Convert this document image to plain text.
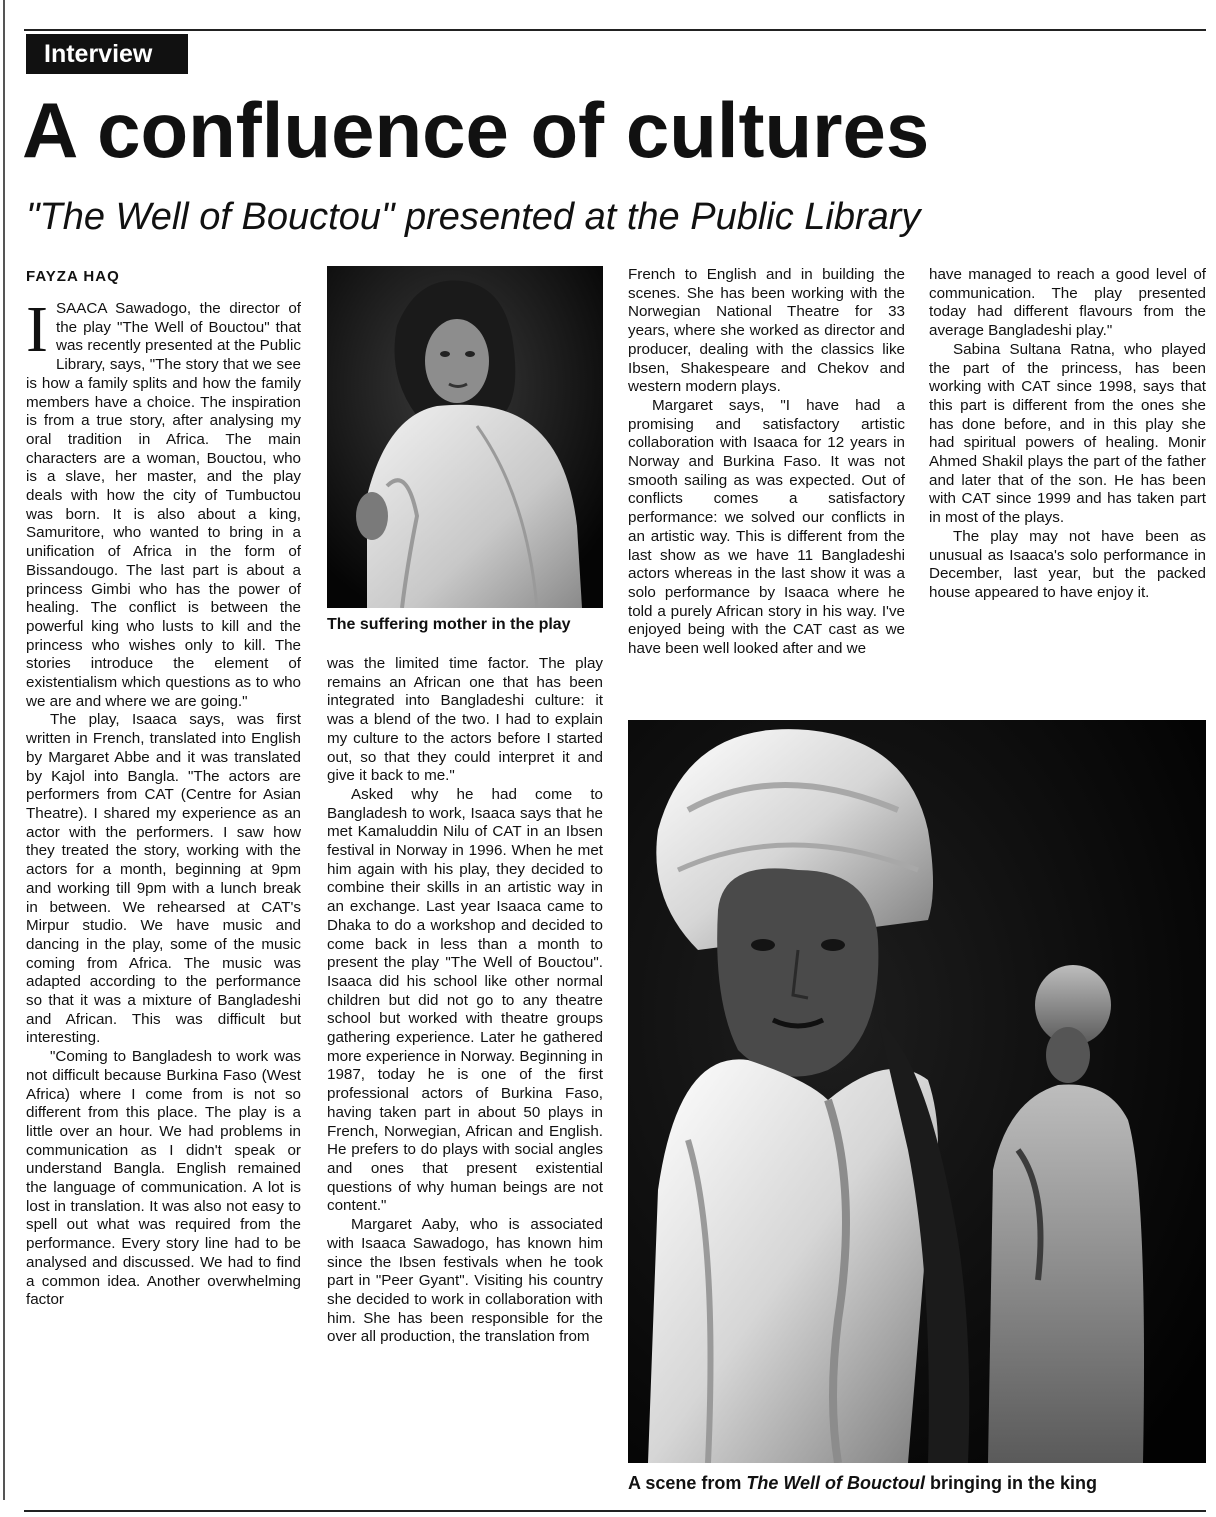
Interview
A confluence of cultures
"The Well of Bouctou" presented at the Public Library
FAYZA HAQ

ISAACA Sawadogo, the director of the play "The Well of Bouctou" that was recently presented at the Public Library, says, "The story that we see is how a family splits and how the family members have a choice. The inspiration is from a true story, after analysing my oral tradition in Africa. The main characters are a woman, Bouctou, who is a slave, her master, and the play deals with how the city of Tumbuctou was born. It is also about a king, Samuritore, who wanted to bring in a unification of Africa in the form of Bissandougo. The last part is about a princess Gimbi who has the power of healing. The conflict is between the powerful king who lusts to kill and the princess who wishes only to kill. The stories introduce the element of existentialism which questions as to who we are and where we are going."

The play, Isaaca says, was first written in French, translated into English by Margaret Abbe and it was translated by Kajol into Bangla. "The actors are performers from CAT (Centre for Asian Theatre). I shared my experience as an actor with the performers. I saw how they treated the story, working with the actors for a month, beginning at 9pm and working till 9pm with a lunch break in between. We rehearsed at CAT's Mirpur studio. We have music and dancing in the play, some of the music coming from Africa. The music was adapted according to the performance so that it was a mixture of Bangladeshi and African. This was difficult but interesting.

"Coming to Bangladesh to work was not difficult because Burkina Faso (West Africa) where I come from is not so different from this place. The play is a little over an hour. We had problems in communication as I didn't speak or understand Bangla. English remained the language of communication. A lot is lost in translation. It was also not easy to spell out what was required from the performance. Every story line had to be analysed and discussed. We had to find a common idea. Another overwhelming factor

The suffering mother in the play

was the limited time factor. The play remains an African one that has been integrated into Bangladeshi culture: it was a blend of the two. I had to explain my culture to the actors before I started out, so that they could interpret it and give it back to me."

Asked why he had come to Bangladesh to work, Isaaca says that he met Kamaluddin Nilu of CAT in an Ibsen festival in Norway in 1996. When he met him again with his play, they decided to combine their skills in an artistic way in an exchange. Last year Isaaca came to Dhaka to do a workshop and decided to come back in less than a month to present the play "The Well of Bouctou". Isaaca did his school like other normal children but did not go to any theatre school but worked with theatre groups gathering experience. Later he gathered more experience in Norway. Beginning in 1987, today he is one of the first professional actors of Burkina Faso, having taken part in about 50 plays in French, Norwegian, African and English. He prefers to do plays with social angles and ones that present existential questions of why human beings are not content."

Margaret Aaby, who is associated with Isaaca Sawadogo, has known him since the Ibsen festivals when he took part in "Peer Gyant". Visiting his country she decided to work in collaboration with him. She has been responsible for the over all production, the translation from

French to English and in building the scenes. She has been working with the Norwegian National Theatre for 33 years, where she worked as director and producer, dealing with the classics like Ibsen, Shakespeare and Chekov and western modern plays.

Margaret says, "I have had a promising and satisfactory artistic collaboration with Isaaca for 12 years in Norway and Burkina Faso. It was not smooth sailing as was expected. Out of conflicts comes a satisfactory performance: we solved our conflicts in an artistic way. This is different from the last show as we have 11 Bangladeshi actors whereas in the last show it was a solo performance by Isaaca where he told a purely African story in his way. I've enjoyed being with the CAT cast as we have been well looked after and we

have managed to reach a good level of communication. The play presented today had different flavours from the average Bangladeshi play."

Sabina Sultana Ratna, who played the part of the princess, has been working with CAT since 1998, says that this part is different from the ones she has done before, and in this play she had spiritual powers of healing. Monir Ahmed Shakil plays the part of the father and later that of the son. He has been with CAT since 1999 and has taken part in most of the plays.

The play may not have been as unusual as Isaaca's solo performance in December, last year, but the packed house appeared to have enjoy it.

A scene from The Well of Bouctoul bringing in the king
